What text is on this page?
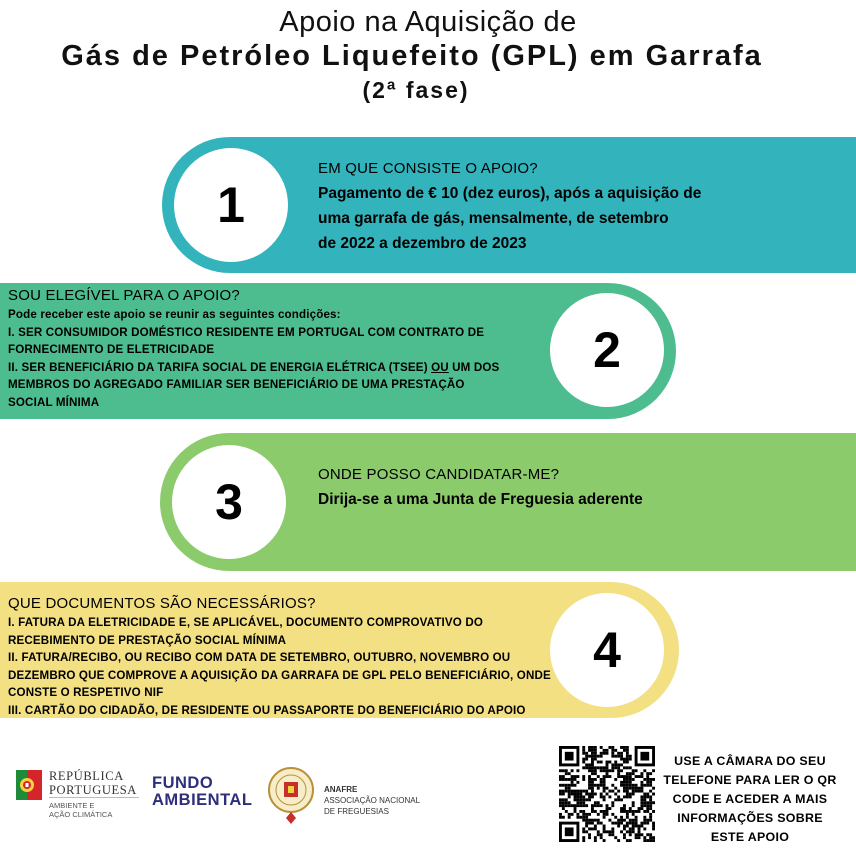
Apoio na Aquisição de
Gás de Petróleo Liquefeito (GPL) em Garrafa
(2ª fase)
1
EM QUE CONSISTE O APOIO?
Pagamento de € 10 (dez euros), após a aquisição de
uma garrafa de gás, mensalmente, de setembro
de 2022 a dezembro de 2023
2
SOU ELEGÍVEL PARA O APOIO?
Pode receber este apoio se reunir as seguintes condições:
I. SER CONSUMIDOR DOMÉSTICO RESIDENTE EM PORTUGAL COM CONTRATO DE
FORNECIMENTO DE ELETRICIDADE
II. SER BENEFICIÁRIO DA TARIFA SOCIAL DE ENERGIA ELÉTRICA (TSEE) OU UM DOS
MEMBROS DO AGREGADO FAMILIAR SER BENEFICIÁRIO DE UMA PRESTAÇÃO
SOCIAL MÍNIMA
3	ONDE POSSO CANDIDATAR-ME?
Dirija-se a uma Junta de Freguesia aderente
4
QUE DOCUMENTOS SÃO NECESSÁRIOS?
I. FATURA DA ELETRICIDADE E, SE APLICÁVEL, DOCUMENTO COMPROVATIVO DO
RECEBIMENTO DE PRESTAÇÃO SOCIAL MÍNIMA
II. FATURA/RECIBO, OU RECIBO COM DATA DE SETEMBRO, OUTUBRO, NOVEMBRO OU
DEZEMBRO QUE COMPROVE A AQUISIÇÃO DA GARRAFA DE GPL PELO BENEFICIÁRIO, ONDE
CONSTE O RESPETIVO NIF
III. CARTÃO DO CIDADÃO, DE RESIDENTE OU PASSAPORTE DO BENEFICIÁRIO DO APOIO
REPÚBLICA
PORTUGUESA
AMBIENTE E
AÇÃO CLIMÁTICA
FUNDO
AMBIENTAL
ANAFRE
ASSOCIAÇÃO NACIONAL
DE FREGUESIAS
USE A CÂMARA DO SEU
TELEFONE PARA LER O QR
CODE E ACEDER A MAIS
INFORMAÇÕES SOBRE
ESTE APOIO
